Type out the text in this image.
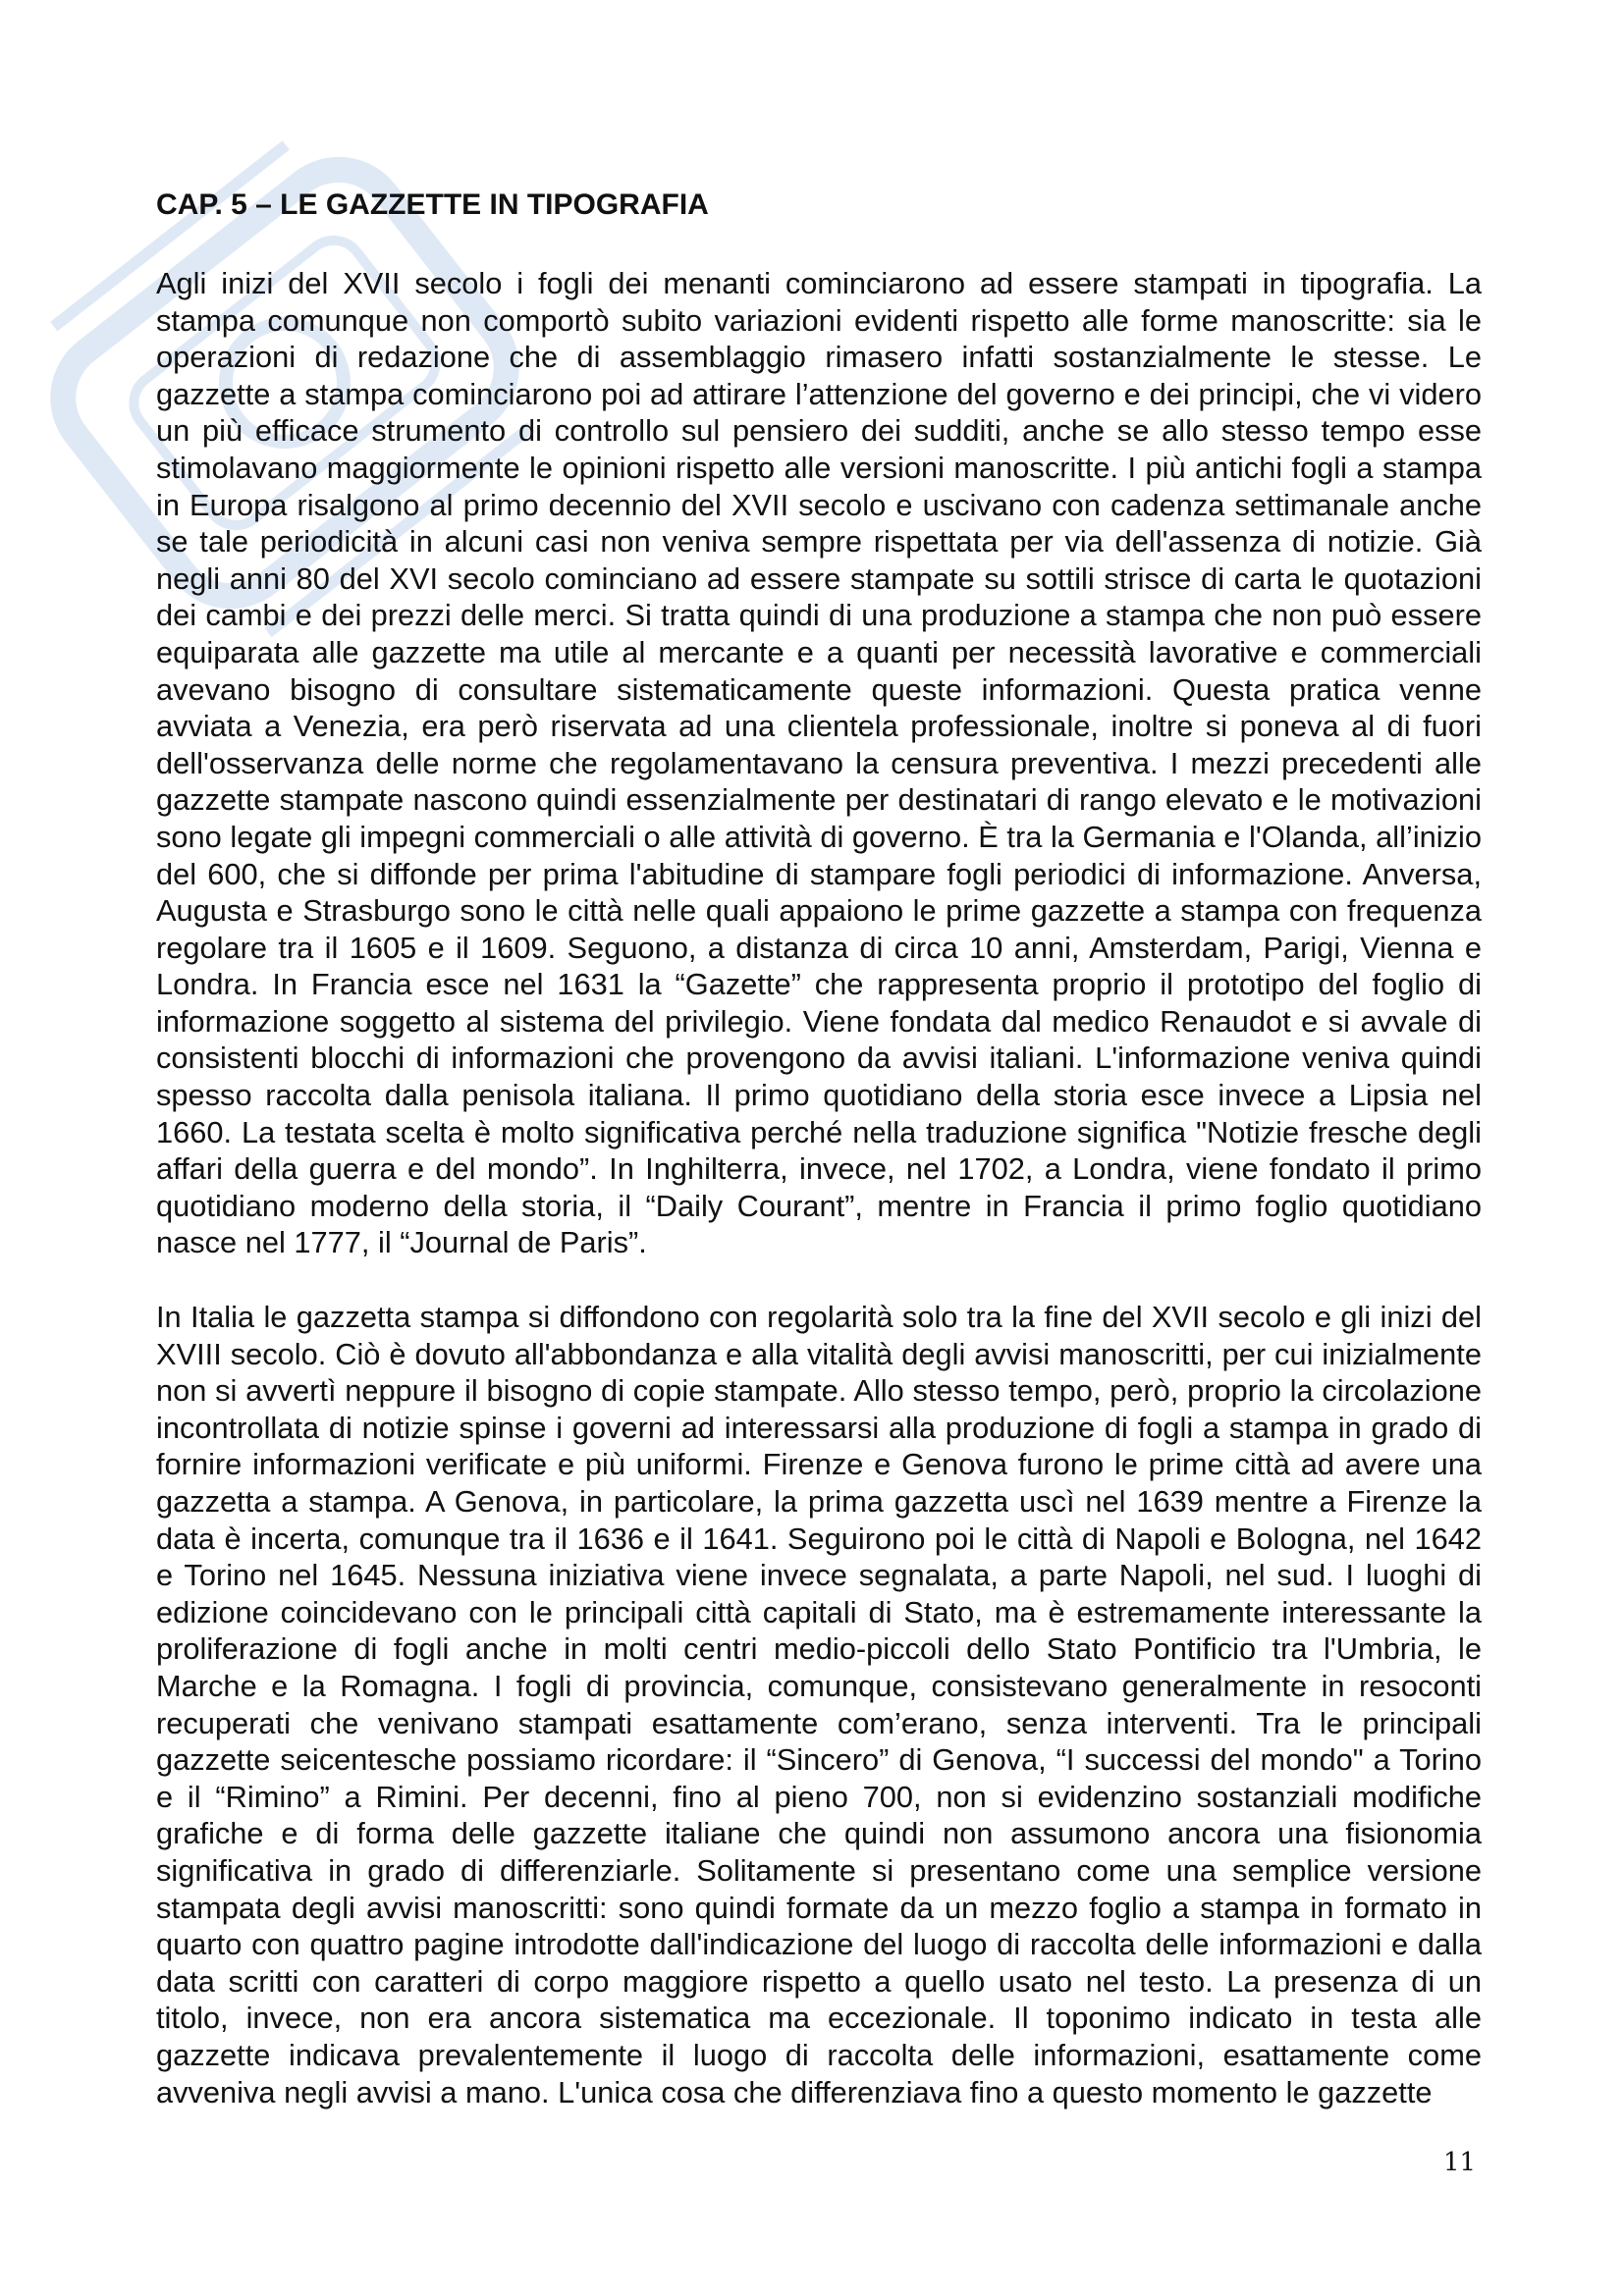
CAP. 5 – LE GAZZETTE IN TIPOGRAFIA

Agli inizi del XVII secolo i fogli dei menanti cominciarono ad essere stampati in tipografia. La stampa comunque non comportò subito variazioni evidenti rispetto alle forme manoscritte: sia le operazioni di redazione che di assemblaggio rimasero infatti sostanzialmente le stesse. Le gazzette a stampa cominciarono poi ad attirare l’attenzione del governo e dei principi, che vi videro un più efficace strumento di controllo sul pensiero dei sudditi, anche se allo stesso tempo esse stimolavano maggiormente le opinioni rispetto alle versioni manoscritte. I più antichi fogli a stampa in Europa risalgono al primo decennio del XVII secolo e uscivano con cadenza settimanale anche se tale periodicità in alcuni casi non veniva sempre rispettata per via dell'assenza di notizie. Già negli anni 80 del XVI secolo cominciano ad essere stampate su sottili strisce di carta le quotazioni dei cambi e dei prezzi delle merci. Si tratta quindi di una produzione a stampa che non può essere equiparata alle gazzette ma utile al mercante e a quanti per necessità lavorative e commerciali avevano bisogno di consultare sistematicamente queste informazioni. Questa pratica venne avviata a Venezia, era però riservata ad una clientela professionale, inoltre si poneva al di fuori dell'osservanza delle norme che regolamentavano la censura preventiva. I mezzi precedenti alle gazzette stampate nascono quindi essenzialmente per destinatari di rango elevato e le motivazioni sono legate gli impegni commerciali o alle attività di governo. È tra la Germania e l'Olanda, all’inizio del 600, che si diffonde per prima l'abitudine di stampare fogli periodici di informazione. Anversa, Augusta e Strasburgo sono le città nelle quali appaiono le prime gazzette a stampa con frequenza regolare tra il 1605 e il 1609. Seguono, a distanza di circa 10 anni, Amsterdam, Parigi, Vienna e Londra. In Francia esce nel 1631 la “Gazette” che rappresenta proprio il prototipo del foglio di informazione soggetto al sistema del privilegio. Viene fondata dal medico Renaudot e si avvale di consistenti blocchi di informazioni che provengono da avvisi italiani. L'informazione veniva quindi spesso raccolta dalla penisola italiana. Il primo quotidiano della storia esce invece a Lipsia nel 1660. La testata scelta è molto significativa perché nella traduzione significa "Notizie fresche degli affari della guerra e del mondo”. In Inghilterra, invece, nel 1702, a Londra, viene fondato il primo quotidiano moderno della storia, il “Daily Courant”, mentre in Francia il primo foglio quotidiano nasce nel 1777, il “Journal de Paris”.

In Italia le gazzetta stampa si diffondono con regolarità solo tra la fine del XVII secolo e gli inizi del XVIII secolo. Ciò è dovuto all'abbondanza e alla vitalità degli avvisi manoscritti, per cui inizialmente non si avvertì neppure il bisogno di copie stampate. Allo stesso tempo, però, proprio la circolazione incontrollata di notizie spinse i governi ad interessarsi alla produzione di fogli a stampa in grado di fornire informazioni verificate e più uniformi. Firenze e Genova furono le prime città ad avere una gazzetta a stampa. A Genova, in particolare, la prima gazzetta uscì nel 1639 mentre a Firenze la data è incerta, comunque tra il 1636 e il 1641. Seguirono poi le città di Napoli e Bologna, nel 1642 e Torino nel 1645. Nessuna iniziativa viene invece segnalata, a parte Napoli, nel sud. I luoghi di edizione coincidevano con le principali città capitali di Stato, ma è estremamente interessante la proliferazione di fogli anche in molti centri medio-piccoli dello Stato Pontificio tra l'Umbria, le Marche e la Romagna. I fogli di provincia, comunque, consistevano generalmente in resoconti recuperati che venivano stampati esattamente com’erano, senza interventi. Tra le principali gazzette seicentesche possiamo ricordare: il “Sincero” di Genova, “I successi del mondo" a Torino e il “Rimino” a Rimini. Per decenni, fino al pieno 700, non si evidenzino sostanziali modifiche grafiche e di forma delle gazzette italiane che quindi non assumono ancora una fisionomia significativa in grado di differenziarle. Solitamente si presentano come una semplice versione stampata degli avvisi manoscritti: sono quindi formate da un mezzo foglio a stampa in formato in quarto con quattro pagine introdotte dall'indicazione del luogo di raccolta delle informazioni e dalla data scritti con caratteri di corpo maggiore rispetto a quello usato nel testo. La presenza di un titolo, invece, non era ancora sistematica ma eccezionale. Il toponimo indicato in testa alle gazzette indicava prevalentemente il luogo di raccolta delle informazioni, esattamente come avveniva negli avvisi a mano. L'unica cosa che differenziava fino a questo momento le gazzette

11
